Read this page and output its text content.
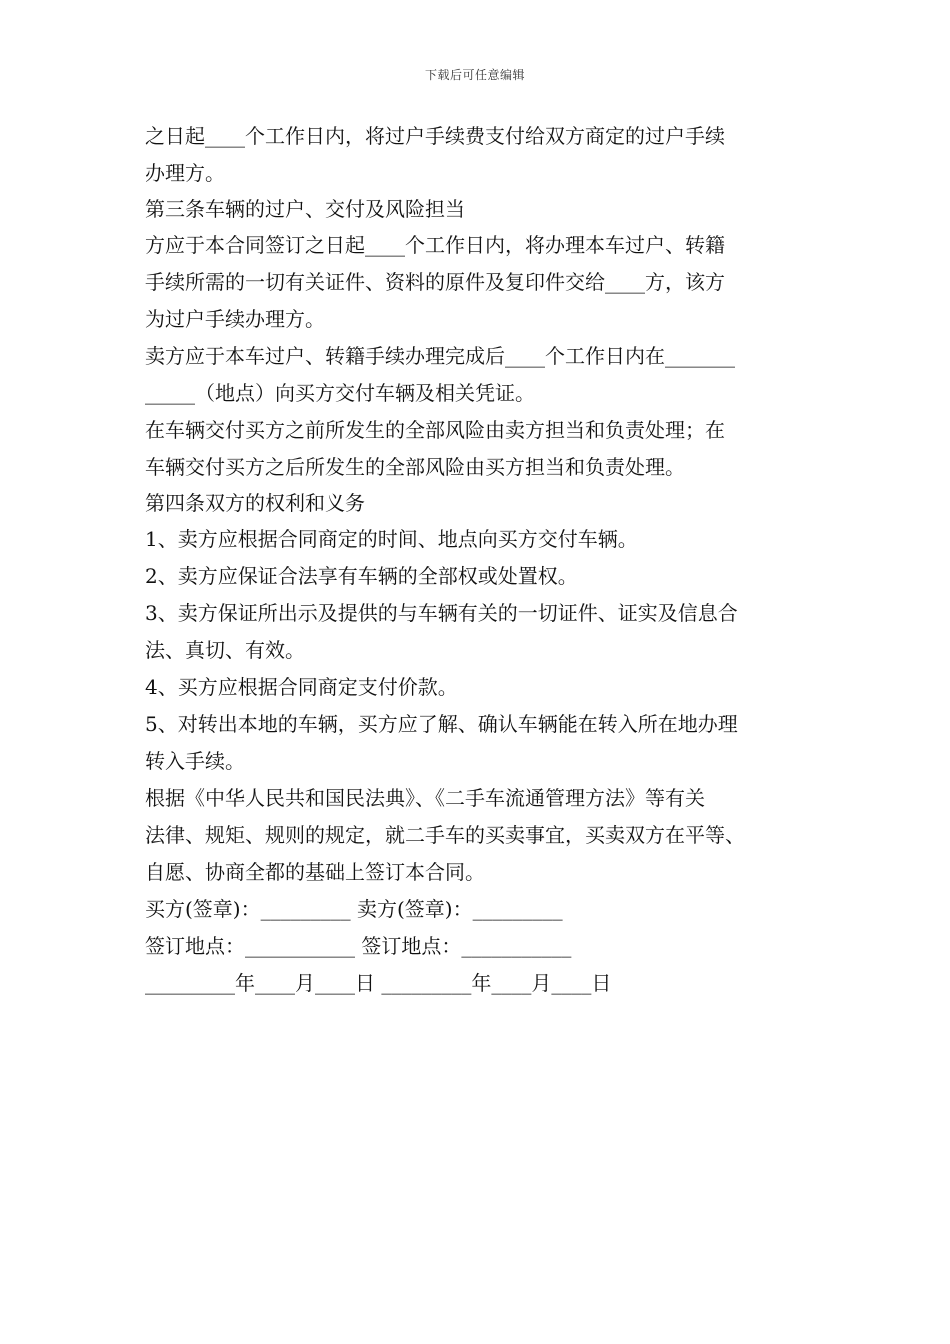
下载后可任意编辑

之日起____个工作日内，将过户手续费支付给双方商定的过户手续

办理方。

第三条车辆的过户、交付及风险担当

方应于本合同签订之日起____个工作日内，将办理本车过户、转籍

手续所需的一切有关证件、资料的原件及复印件交给____方，该方

为过户手续办理方。

卖方应于本车过户、转籍手续办理完成后____个工作日内在_______

_____（地点）向买方交付车辆及相关凭证。

在车辆交付买方之前所发生的全部风险由卖方担当和负责处理；在

车辆交付买方之后所发生的全部风险由买方担当和负责处理。

第四条双方的权利和义务

1、卖方应根据合同商定的时间、地点向买方交付车辆。

2、卖方应保证合法享有车辆的全部权或处置权。

3、卖方保证所出示及提供的与车辆有关的一切证件、证实及信息合

法、真切、有效。

4、买方应根据合同商定支付价款。

5、对转出本地的车辆，买方应了解、确认车辆能在转入所在地办理

转入手续。

根据《中华人民共和国民法典》、《二手车流通管理方法》等有关

法律、规矩、规则的规定，就二手车的买卖事宜，买卖双方在平等、

自愿、协商全都的基础上签订本合同。

买方(签章)：_________ 卖方(签章)：_________

签订地点：___________ 签订地点：___________

_________年____月____日 _________年____月____日
